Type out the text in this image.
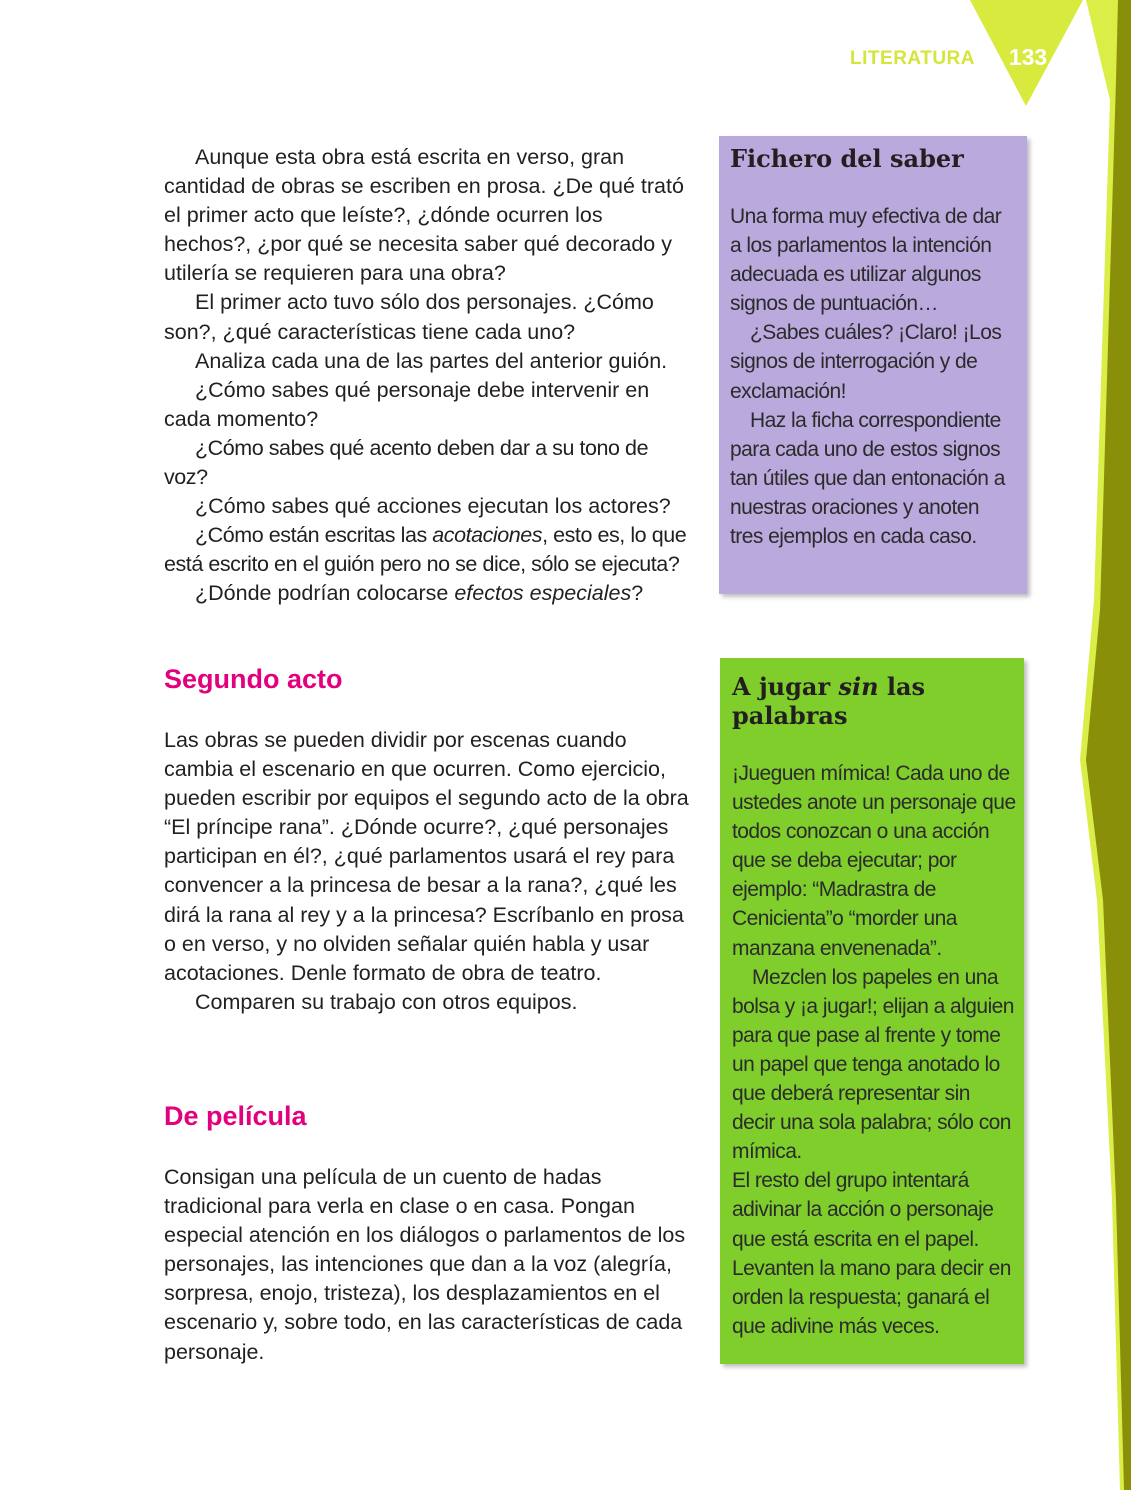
LITERATURA 133

Aunque esta obra está escrita en verso, gran cantidad de obras se escriben en prosa. ¿De qué trató el primer acto que leíste?, ¿dónde ocurren los hechos?, ¿por qué se necesita saber qué decorado y utilería se requieren para una obra?

El primer acto tuvo sólo dos personajes. ¿Cómo son?, ¿qué características tiene cada uno?

Analiza cada una de las partes del anterior guión.

¿Cómo sabes qué personaje debe intervenir en cada momento?

¿Cómo sabes qué acento deben dar a su tono de voz?

¿Cómo sabes qué acciones ejecutan los actores?

¿Cómo están escritas las acotaciones, esto es, lo que está escrito en el guión pero no se dice, sólo se ejecuta?

¿Dónde podrían colocarse efectos especiales?

Segundo acto

Las obras se pueden dividir por escenas cuando cambia el escenario en que ocurren. Como ejercicio, pueden escribir por equipos el segundo acto de la obra “El príncipe rana”. ¿Dónde ocurre?, ¿qué personajes participan en él?, ¿qué parlamentos usará el rey para convencer a la princesa de besar a la rana?, ¿qué les dirá la rana al rey y a la princesa? Escríbanlo en prosa o en verso, y no olviden señalar quién habla y usar acotaciones. Denle formato de obra de teatro.

Comparen su trabajo con otros equipos.

De película

Consigan una película de un cuento de hadas tradicional para verla en clase o en casa. Pongan especial atención en los diálogos o parlamentos de los personajes, las intenciones que dan a la voz (alegría, sorpresa, enojo, tristeza), los desplazamientos en el escenario y, sobre todo, en las características de cada personaje.

Fichero del saber

Una forma muy efectiva de dar a los parlamentos la intención adecuada es utilizar algunos signos de puntuación…

¿Sabes cuáles? ¡Claro! ¡Los signos de interrogación y de exclamación!

Haz la ficha correspondiente para cada uno de estos signos tan útiles que dan entonación a nuestras oraciones y anoten tres ejemplos en cada caso.

A jugar sin las palabras

¡Jueguen mímica! Cada uno de ustedes anote un personaje que todos conozcan o una acción que se deba ejecutar; por ejemplo: “Madrastra de Cenicienta”o “morder una manzana envenenada”.

Mezclen los papeles en una bolsa y ¡a jugar!; elijan a alguien para que pase al frente y tome un papel que tenga anotado lo que deberá representar sin decir una sola palabra; sólo con mímica.

El resto del grupo intentará adivinar la acción o personaje que está escrita en el papel. Levanten la mano para decir en orden la respuesta; ganará el que adivine más veces.
